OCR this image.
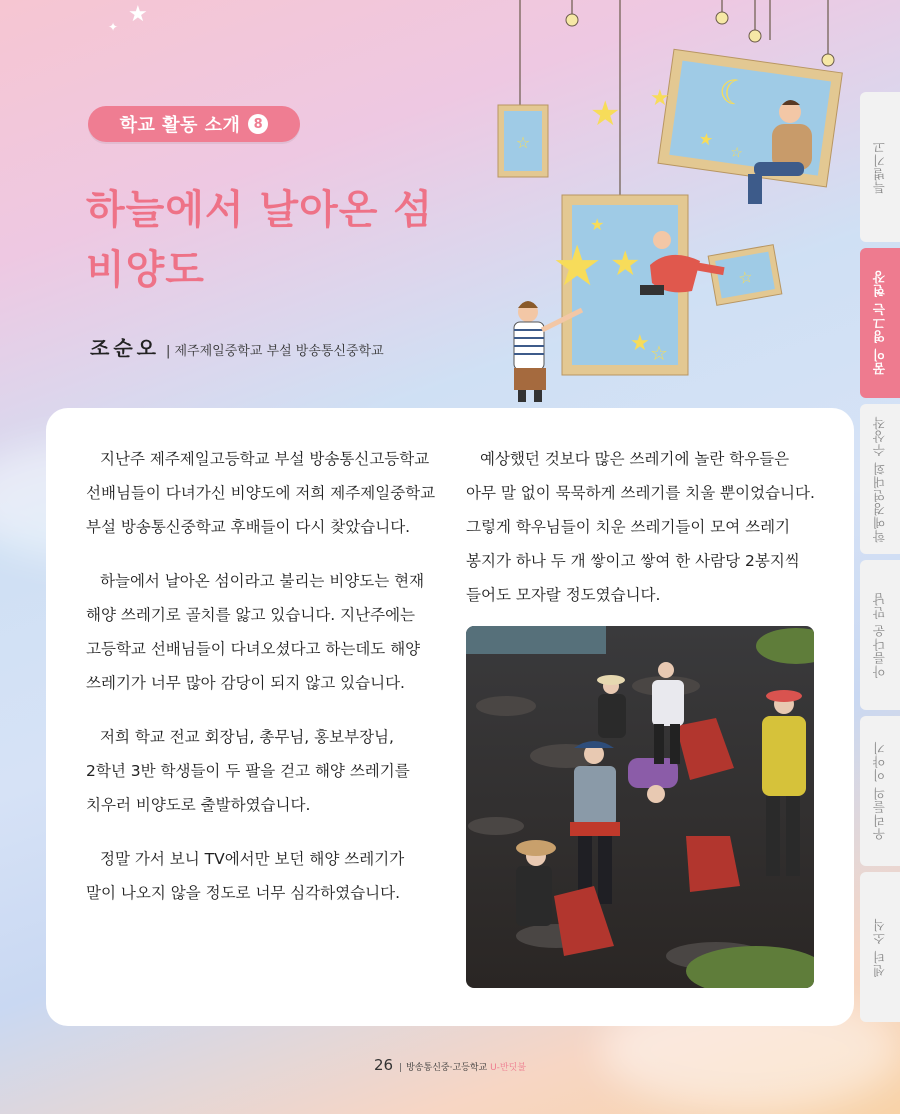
★
✦
학교 활동 소개	8
하늘에서 날아온 섬
비양도
조순오 | 제주제일중학교 부설 방송통신중학교
☆
☾
★
☆
★ ★
★ ★
★ ☆
★
☆

지난주 제주제일고등학교 부설 방송통신고등학교 선배님들이 다녀가신 비양도에 저희 제주제일중학교 부설 방송통신중학교 후배들이 다시 찾았습니다.

하늘에서 날아온 섬이라고 불리는 비양도는 현재 해양 쓰레기로 골치를 앓고 있습니다. 지난주에는 고등학교 선배님들이 다녀오셨다고 하는데도 해양 쓰레기가 너무 많아 감당이 되지 않고 있습니다.

저희 학교 전교 회장님, 총무님, 홍보부장님, 2학년 3반 학생들이 두 팔을 걷고 해양 쓰레기를 치우러 비양도로 출발하였습니다.

정말 가서 보니 TV에서만 보던 해양 쓰레기가 말이 나오지 않을 정도로 너무 심각하였습니다.

예상했던 것보다 많은 쓰레기에 놀란 학우들은 아무 말 없이 묵묵하게 쓰레기를 치울 뿐이었습니다. 그렇게 학우님들이 치운 쓰레기들이 모여 쓰레기 봉지가 하나 두 개 쌓이고 쌓여 한 사람당 2봉지씩 들어도 모자랄 정도였습니다.

특별기고
꿈이 영그는 현장
학예경연대회 수상작
아름다운 만남
우리들의 이야기
센터 소식
26 | 방송통신중·고등학교 U-반딧불
